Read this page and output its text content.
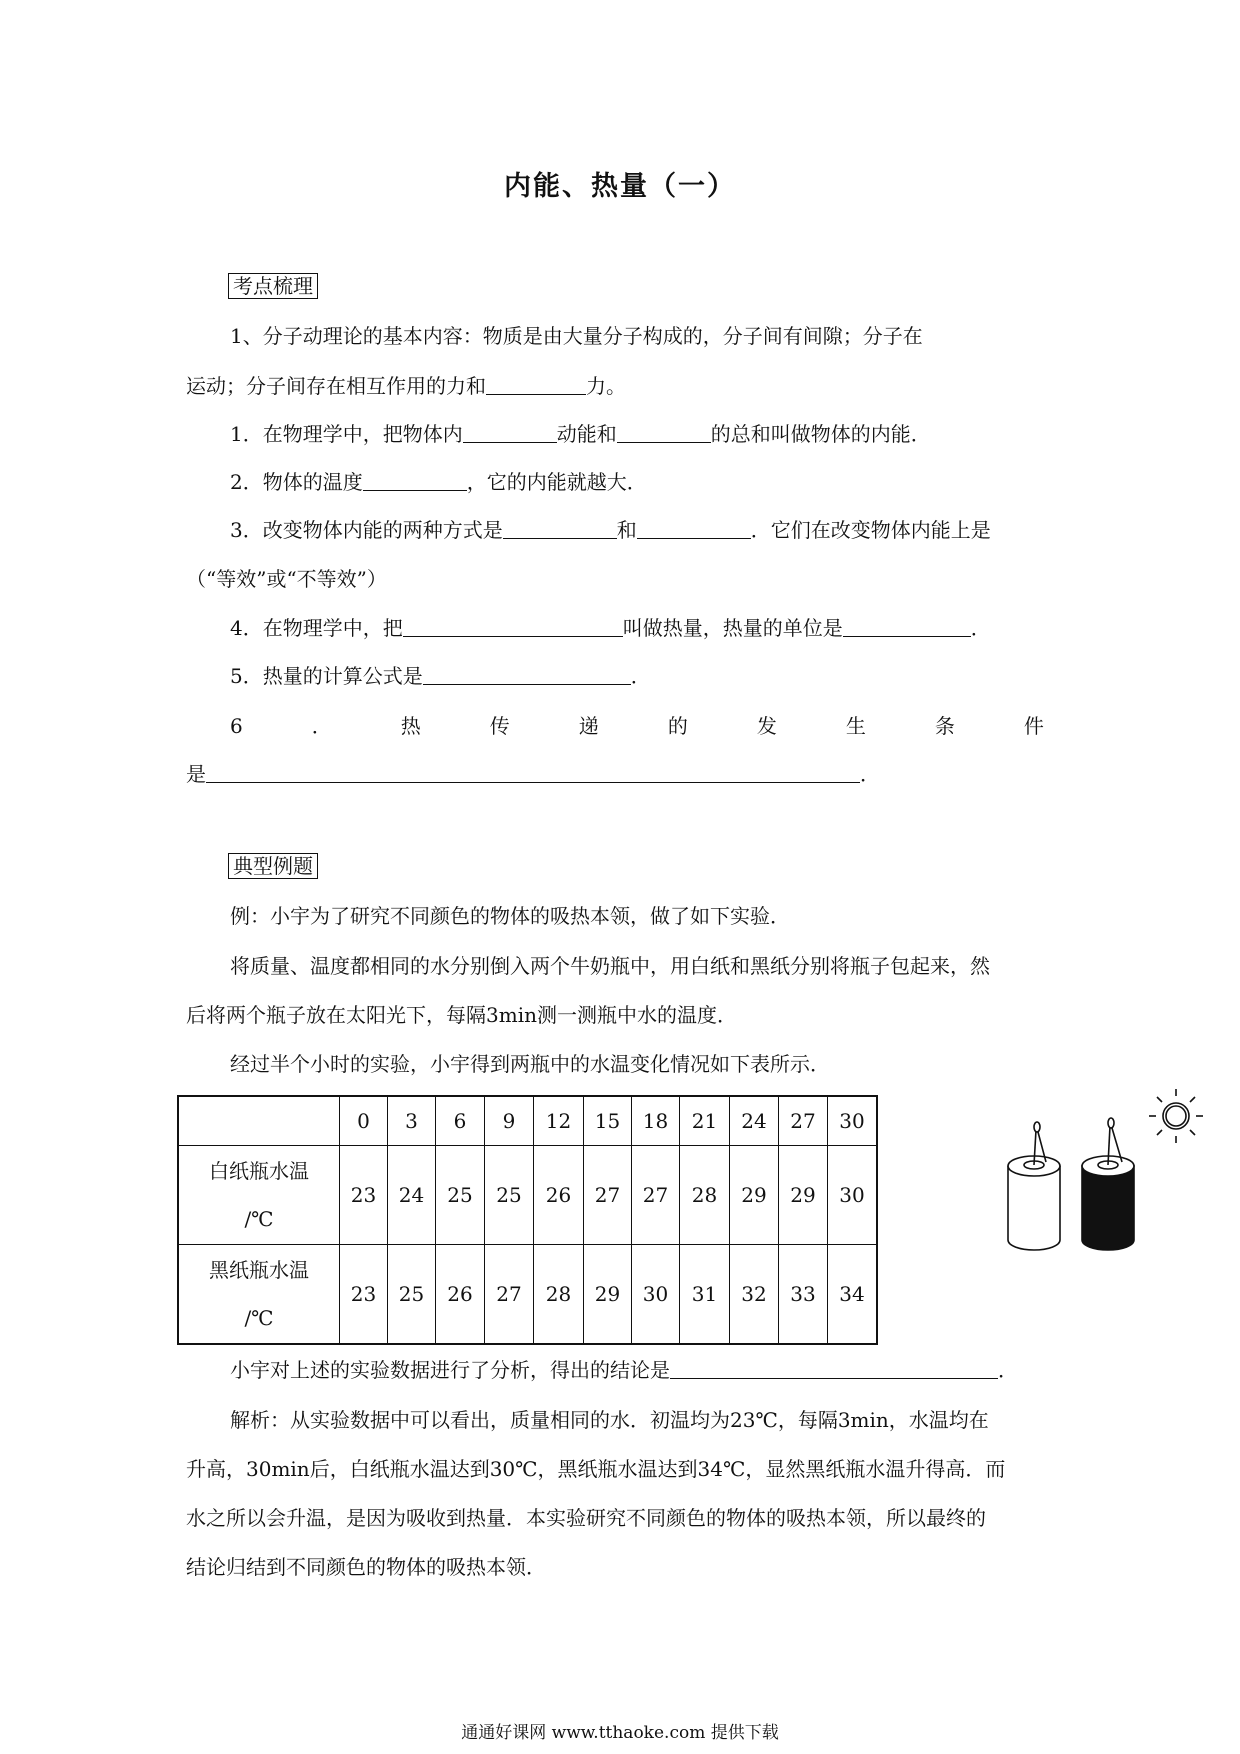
内能、热量（一）
考点梳理
1、分子动理论的基本内容：物质是由大量分子构成的，分子间有间隙；分子在
运动；分子间存在相互作用的力和	力。
1．在物理学中，把物体内	动能和	的总和叫做物体的内能．
2．物体的温度	，它的内能就越大．
3．改变物体内能的两种方式是	和	．它们在改变物体内能上是
（“等效”或“不等效”）
4．在物理学中，把	叫做热量，热量的单位是	．
5．热量的计算公式是	．
6	．	热	传	递	的	发	生	条	件
是	．
典型例题
例：小宇为了研究不同颜色的物体的吸热本领，做了如下实验．
将质量、温度都相同的水分别倒入两个牛奶瓶中，用白纸和黑纸分别将瓶子包起来，然
后将两个瓶子放在太阳光下，每隔3min测一测瓶中水的温度．
经过半个小时的实验，小宇得到两瓶中的水温变化情况如下表所示．
	0	3	6	9	12	15	18	21	24	27	30

白纸瓶水温
/℃	23	24	25	25	26	27	27	28	29	29	30

黑纸瓶水温
/℃	23	25	26	27	28	29	30	31	32	33	34
小宇对上述的实验数据进行了分析，得出的结论是	．
解析：从实验数据中可以看出，质量相同的水．初温均为23℃，每隔3min，水温均在
升高，30min后，白纸瓶水温达到30℃，黑纸瓶水温达到34℃，显然黑纸瓶水温升得高．而
水之所以会升温，是因为吸收到热量．本实验研究不同颜色的物体的吸热本领，所以最终的
结论归结到不同颜色的物体的吸热本领．
通通好课网 www.tthaoke.com 提供下载
